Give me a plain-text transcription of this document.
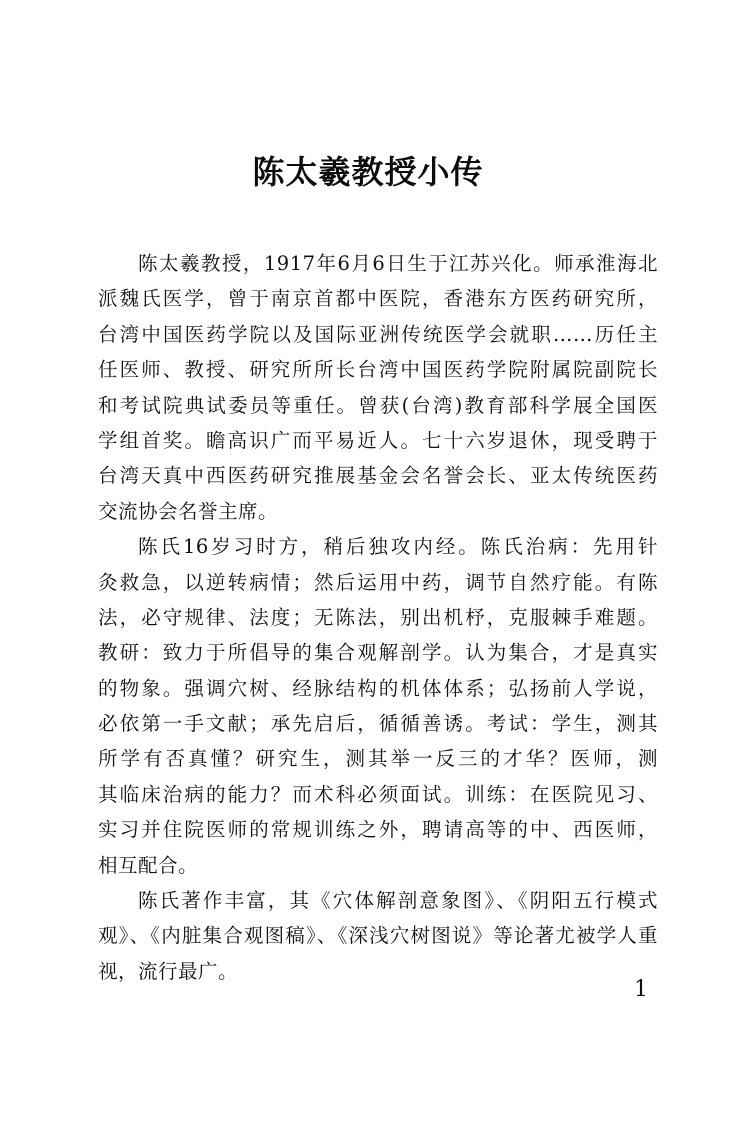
陈太羲教授小传
陈太羲教授，1917年6月6日生于江苏兴化。师承淮海北
派魏氏医学，曾于南京首都中医院，香港东方医药研究所，
台湾中国医药学院以及国际亚洲传统医学会就职……历任主
任医师、教授、研究所所长台湾中国医药学院附属院副院长
和考试院典试委员等重任。曾获(台湾)教育部科学展全国医
学组首奖。瞻高识广而平易近人。七十六岁退休，现受聘于
台湾天真中西医药研究推展基金会名誉会长、亚太传统医药
交流协会名誉主席。
陈氏16岁习时方，稍后独攻内经。陈氏治病：先用针
灸救急，以逆转病情；然后运用中药，调节自然疗能。有陈
法，必守规律、法度；无陈法，别出机杼，克服棘手难题。
教研：致力于所倡导的集合观解剖学。认为集合，才是真实
的物象。强调穴树、经脉结构的机体体系；弘扬前人学说，
必依第一手文献；承先启后，循循善诱。考试：学生，测其
所学有否真懂？研究生，测其举一反三的才华？医师，测
其临床治病的能力？而术科必须面试。训练：在医院见习、
实习并住院医师的常规训练之外，聘请高等的中、西医师，
相互配合。
陈氏著作丰富，其《穴体解剖意象图》、《阴阳五行模式
观》、《内脏集合观图稿》、《深浅穴树图说》等论著尤被学人重
视，流行最广。
1
